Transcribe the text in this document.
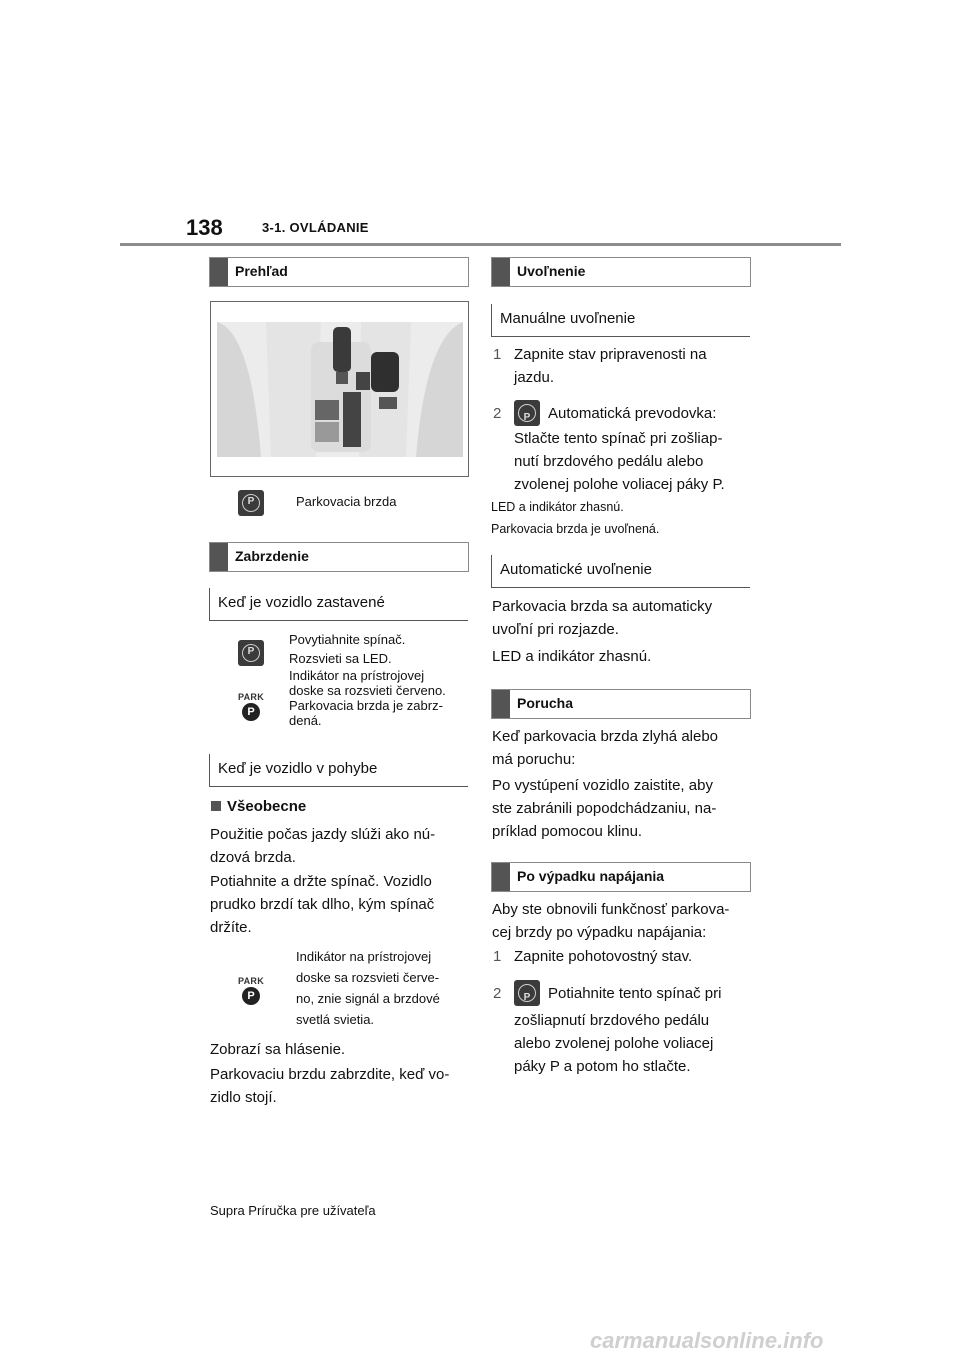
138	3-1. OVLÁDANIE
Prehľad
P	Parkovacia brzda
Zabrzdenie
Keď je vozidlo zastavené
P
PARK
P
Povytiahnite spínač.
Rozsvieti sa LED.
Indikátor na prístrojovej
doske sa rozsvieti červeno.
Parkovacia brzda je zabrz-
dená.
Keď je vozidlo v pohybe
Všeobecne
Použitie počas jazdy slúži ako nú-
dzová brzda.
Potiahnite a držte spínač. Vozidlo
prudko brzdí tak dlho, kým spínač
držíte.
PARK
P
Indikátor na prístrojovej
doske sa rozsvieti červe-
no, znie signál a brzdové
svetlá svietia.
Zobrazí sa hlásenie.
Parkovaciu brzdu zabrzdite, keď vo-
zidlo stojí.
Uvoľnenie
Manuálne uvoľnenie
1 Zapnite stav pripravenosti na
jazdu.
2	P	Automatická prevodovka:
Stlačte tento spínač pri zošliap-
nutí brzdového pedálu alebo
zvolenej polohe voliacej páky P.
LED a indikátor zhasnú.
Parkovacia brzda je uvoľnená.
Automatické uvoľnenie
Parkovacia brzda sa automaticky
uvoľní pri rozjazde.
LED a indikátor zhasnú.
Porucha
Keď parkovacia brzda zlyhá alebo
má poruchu:
Po vystúpení vozidlo zaistite, aby
ste zabránili popodchádzaniu, na-
príklad pomocou klinu.
Po výpadku napájania
Aby ste obnovili funkčnosť parkova-
cej brzdy po výpadku napájania:
1 Zapnite pohotovostný stav.
2	P	Potiahnite tento spínač pri
zošliapnutí brzdového pedálu
alebo zvolenej polohe voliacej
páky P a potom ho stlačte.
Supra Príručka pre užívateľa
carmanualsonline.info
